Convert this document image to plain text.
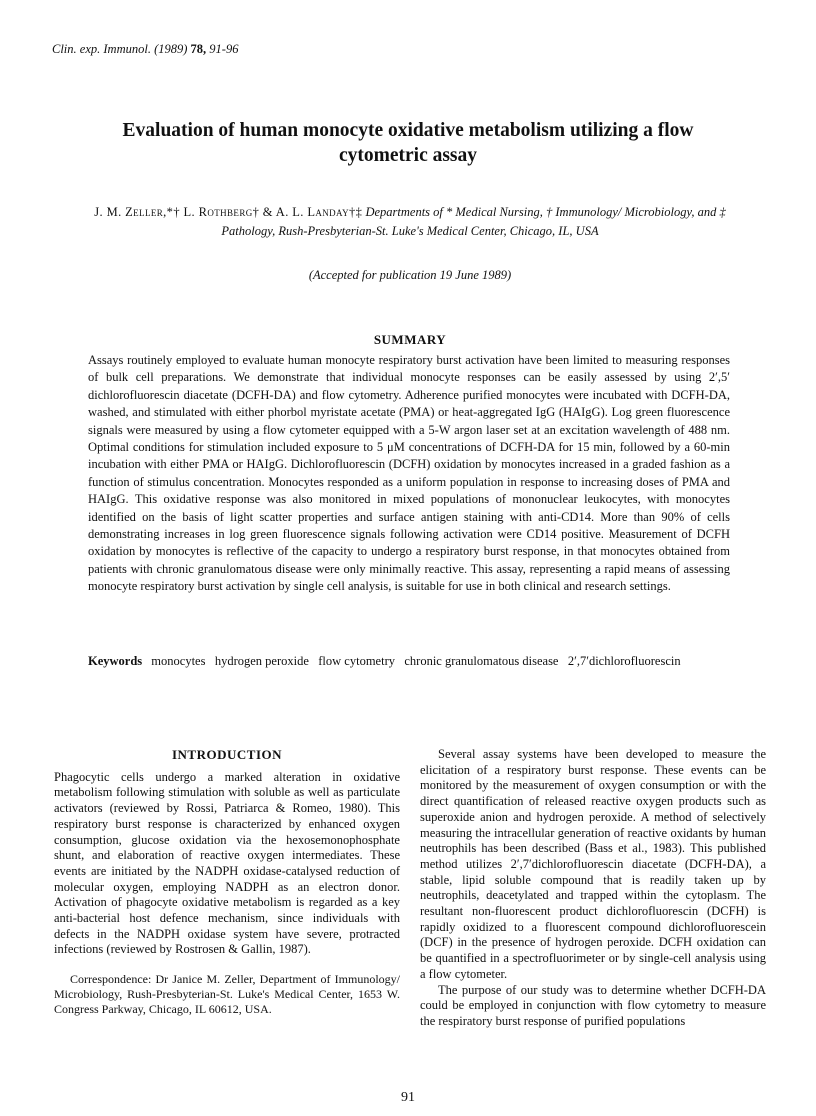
Clin. exp. Immunol. (1989) 78, 91-96
Evaluation of human monocyte oxidative metabolism utilizing a flow cytometric assay
J. M. Zeller,*† L. Rothberg† & A. L. Landay†‡ Departments of * Medical Nursing, † Immunology/ Microbiology, and ‡ Pathology, Rush-Presbyterian-St. Luke's Medical Center, Chicago, IL, USA
(Accepted for publication 19 June 1989)
SUMMARY

Assays routinely employed to evaluate human monocyte respiratory burst activation have been limited to measuring responses of bulk cell preparations. We demonstrate that individual monocyte responses can be easily assessed by using 2′,5′ dichlorofluorescin diacetate (DCFH-DA) and flow cytometry. Adherence purified monocytes were incubated with DCFH-DA, washed, and stimulated with either phorbol myristate acetate (PMA) or heat-aggregated IgG (HAIgG). Log green fluorescence signals were measured by using a flow cytometer equipped with a 5-W argon laser set at an excitation wavelength of 488 nm. Optimal conditions for stimulation included exposure to 5 μM concentrations of DCFH-DA for 15 min, followed by a 60-min incubation with either PMA or HAIgG. Dichlorofluorescin (DCFH) oxidation by monocytes increased in a graded fashion as a function of stimulus concentration. Monocytes responded as a uniform population in response to increasing doses of PMA and HAIgG. This oxidative response was also monitored in mixed populations of mononuclear leukocytes, with monocytes identified on the basis of light scatter properties and surface antigen staining with anti-CD14. More than 90% of cells demonstrating increases in log green fluorescence signals following activation were CD14 positive. Measurement of DCFH oxidation by monocytes is reflective of the capacity to undergo a respiratory burst response, in that monocytes obtained from patients with chronic granulomatous disease were only minimally reactive. This assay, representing a rapid means of assessing monocyte respiratory burst activation by single cell analysis, is suitable for use in both clinical and research settings.

Keywords monocytes   hydrogen peroxide   flow cytometry   chronic granulomatous disease   2′,7′dichlorofluorescin

INTRODUCTION

Phagocytic cells undergo a marked alteration in oxidative metabolism following stimulation with soluble as well as particulate activators (reviewed by Rossi, Patriarca & Romeo, 1980). This respiratory burst response is characterized by enhanced oxygen consumption, glucose oxidation via the hexosemonophosphate shunt, and elaboration of reactive oxygen intermediates. These events are initiated by the NADPH oxidase-catalysed reduction of molecular oxygen, employing NADPH as an electron donor. Activation of phagocyte oxidative metabolism is regarded as a key anti-bacterial host defence mechanism, since individuals with defects in the NADPH oxidase system have severe, protracted infections (reviewed by Rostrosen & Gallin, 1987).

Correspondence: Dr Janice M. Zeller, Department of Immunology/ Microbiology, Rush-Presbyterian-St. Luke's Medical Center, 1653 W. Congress Parkway, Chicago, IL 60612, USA.

Several assay systems have been developed to measure the elicitation of a respiratory burst response. These events can be monitored by the measurement of oxygen consumption or with the direct quantification of released reactive oxygen products such as superoxide anion and hydrogen peroxide. A method of selectively measuring the intracellular generation of reactive oxidants by human neutrophils has been described (Bass et al., 1983). This published method utilizes 2′,7′dichlorofluorescin diacetate (DCFH-DA), a stable, lipid soluble compound that is readily taken up by neutrophils, deacetylated and trapped within the cytoplasm. The resultant non-fluorescent product dichlorofluorescin (DCFH) is rapidly oxidized to a fluorescent compound dichlorofluorescein (DCF) in the presence of hydrogen peroxide. DCFH oxidation can be quantified in a spectrofluorimeter or by single-cell analysis using a flow cytometer.

The purpose of our study was to determine whether DCFH-DA could be employed in conjunction with flow cytometry to measure the respiratory burst response of purified populations

91
